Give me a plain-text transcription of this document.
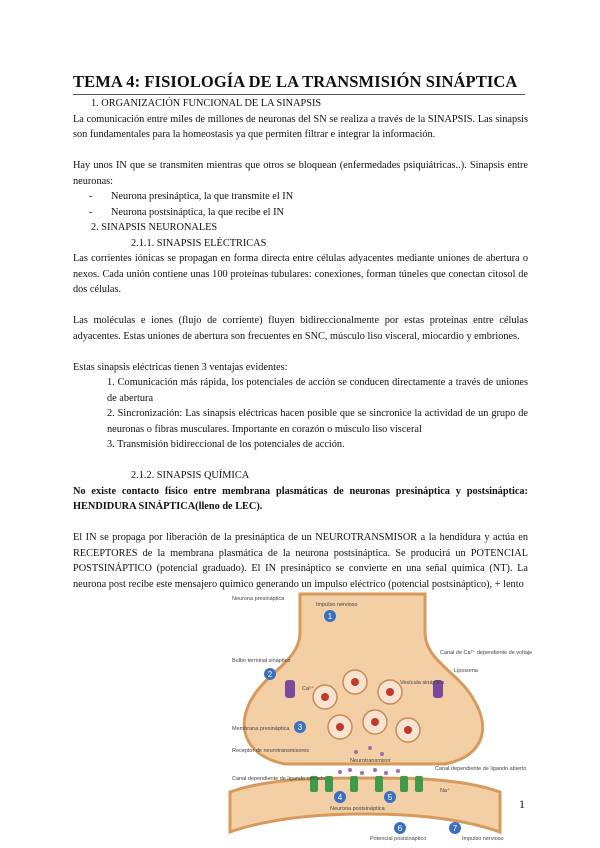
TEMA 4: FISIOLOGÍA DE LA TRANSMISIÓN SINÁPTICA

1. ORGANIZACIÓN FUNCIONAL DE LA SINAPSIS

La comunicación entre miles de millones de neuronas del SN se realiza a través de la SINAPSIS. Las sinapsis son fundamentales para la homeostasis ya que permiten filtrar e integrar la información.

Hay unos IN que se transmiten mientras que otros se bloquean (enfermedades psiquiátricas..). Sinapsis entre neuronas:

-	Neurona presináptica, la que transmite el IN
-	Neurona postsináptica, la que recibe el IN

2. SINAPSIS NEURONALES

2.1.1. SINAPSIS ELÉCTRICAS

Las corrientes iónicas se propagan en forma directa entre células adyacentes mediante uniones de abertura o nexos. Cada unión contiene unas 100 proteínas tubulares: conexiones, forman túneles que conectan citosol de dos células.

Las moléculas e iones (flujo de corriente) fluyen bidireccionalmente por estas proteínas entre células adyacentes. Estas uniones de abertura son frecuentes en SNC, músculo liso visceral, miocardio y embriones.

Estas sinapsis eléctricas tienen 3 ventajas evidentes:

1. Comunicación más rápida, los potenciales de acción se conducen directamente a través de uniones de abertura

2. Sincronización: Las sinapsis eléctricas hacen posible que se sincronice la actividad de un grupo de neuronas o fibras musculares. Importante en corazón o músculo liso visceral

3. Transmisión bidireccional de los potenciales de acción.

2.1.2. SINAPSIS QUÍMICA

No existe contacto físico entre membrana plasmáticas de neuronas presináptica y postsináptica: HENDIDURA SINÁPTICA(lleno de LEC).

El IN se propaga por liberación de la presináptica de un NEUROTRANSMISOR a la hendidura y actúa en RECEPTORES de la membrana plasmática de la neurona postsináptica. Se producirá un POTENCIAL POSTSINÁPTICO (potencial graduado). El IN presináptico se convierte en una señal química (NT). La neurona post recibe este mensajero químico generando un impulso eléctrico (potencial postsináptico), + lento

1
2
3
4	5
6	7
Neurona presináptica
Impulso nervioso
Bulbo terminal sináptico
Membrana presináptica
Receptor de neurotransmisores
Canal dependiente de ligando cerrado
Canal de Ca²⁺ dependiente de voltaje
Liposoma
Vesícula sináptica
Neurotransmisor
Canal dependiente de ligando abierto
Neurona postsináptica
Potencial postsináptico	Impulso nervioso
Ca²⁺
Na⁺
1
